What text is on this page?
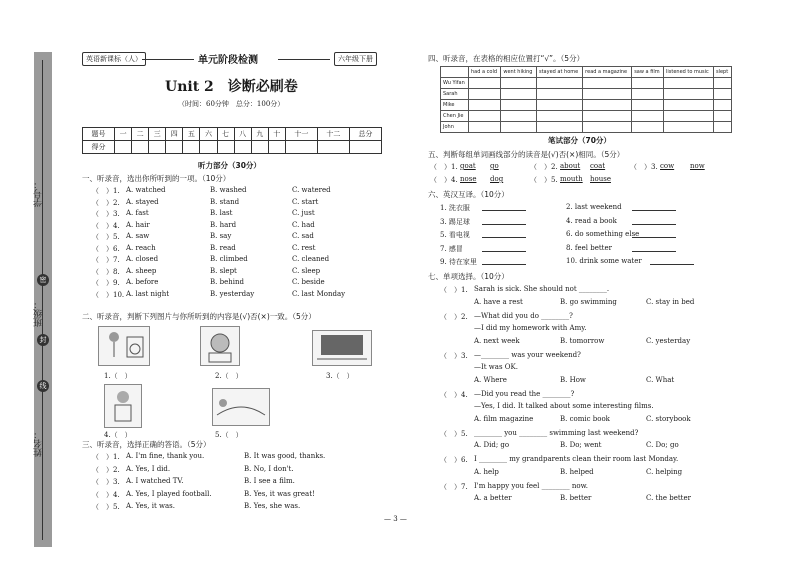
学号：
班级：
姓名：
密
封
线
英语新课标（人）	单元阶段检测	六年级下册
Unit 2　诊断必刷卷
（时间：60分钟　总分：100分）
题号	一	二	三	四	五	六	七	八	九	十	十一	十二	总分
得分													
听力部分（30分）
一、听录音，选出你所听到的一项。（10分）
二、听录音，判断下列图片与你所听到的内容是(√)否(×)一致。（5分）
1.（　）	2.（　）	3.（　）
4.（　）	5.（　）
三、听录音，选择正确的答语。（5分）
四、听录音，在表格的相应位置打“√”。（5分）
	had a cold	went hiking	stayed at home	read a magazine	saw a film	listened to music	slept
Wu Yifan							
Sarah							
Mike							
Chen Jie							
John							
笔试部分（70分）
五、判断每组单词画线部分的读音是(√)否(×)相同。（5分）
六、英汉互译。（10分）
七、单项选择。（10分）
— 3 —
（　）1. A. watched	B. washed	C. watered
（　）2. A. stayed	B. stand	C. start
（　）3. A. fast	B. last	C. just
（　）4. A. hair	B. hard	C. had
（　）5. A. saw	B. say	C. sad
（　）6. A. reach	B. read	C. rest
（　）7. A. closed	B. climbed	C. cleaned
（　）8. A. sheep	B. slept	C. sleep
（　）9. A. before	B. behind	C. beside
（　）10. A. last night	B. yesterday	C. last Monday
（　）1. A. I'm fine, thank you.	B. It was good, thanks.
（　）2. A. Yes, I did.	B. No, I don't.
（　）3. A. I watched TV.	B. I see a film.
（　）4. A. Yes, I played football.	B. Yes, it was great!
（　）5. A. Yes, it was.	B. Yes, she was.
（　）1. goat go	（　）2. about coat	（　）3. cow now
（　）4. nose dog	（　）5. mouth house
1. 洗衣服	2. last weekend
3. 踢足球	4. read a book
5. 看电视	6. do something else
7. 感冒	8. feel better
9. 待在家里	10. drink some water
（　）1. Sarah is sick. She should not ________.
A. have a rest	B. go swimming	C. stay in bed
（　）2. —What did you do ________?
—I did my homework with Amy.
A. next week	B. tomorrow	C. yesterday
（　）3. —________ was your weekend?
—It was OK.
A. Where	B. How	C. What
（　）4. —Did you read the ________?
—Yes, I did. It talked about some interesting films.
A. film magazine	B. comic book	C. storybook
（　）5. ________ you ________ swimming last weekend?
A. Did; go	B. Do; went	C. Do; go
（　）6. I ________ my grandparents clean their room last Monday.
A. help	B. helped	C. helping
（　）7. I'm happy you feel ________ now.
A. a better	B. better	C. the better
